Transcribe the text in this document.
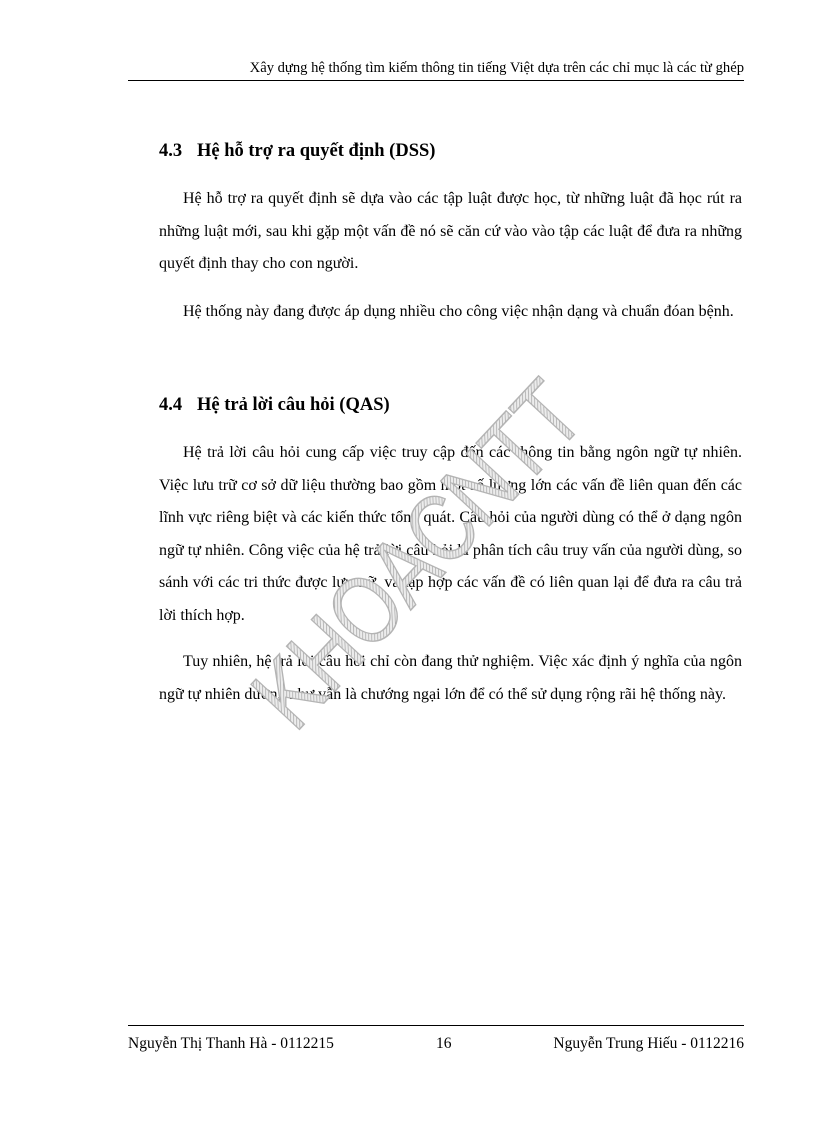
Xây dựng hệ thống tìm kiếm thông tin tiếng Việt dựa trên các chỉ mục là các từ ghép
4.3 Hệ hỗ trợ ra quyết định (DSS)

Hệ hỗ trợ ra quyết định sẽ dựa vào các tập luật được học, từ những luật đã học rút ra những luật mới, sau khi gặp một vấn đề nó sẽ căn cứ vào vào tập các luật để đưa ra những quyết định thay cho con người.

Hệ thống này đang được áp dụng nhiều cho công việc nhận dạng và chuẩn đóan bệnh.

4.4 Hệ trả lời câu hỏi (QAS)

Hệ trả lời câu hỏi cung cấp việc truy cập đến các thông tin bằng ngôn ngữ tự nhiên. Việc lưu trữ cơ sở dữ liệu thường bao gồm một số lượng lớn các vấn đề liên quan đến các lĩnh vực riêng biệt và các kiến thức tổng quát. Câu hỏi của người dùng có thể ở dạng ngôn ngữ tự nhiên. Công việc của hệ trả lời câu hỏi là phân tích câu truy vấn của người dùng, so sánh với các tri thức được lưu trữ, và tập hợp các vấn đề có liên quan lại để đưa ra câu trả lời thích hợp.

Tuy nhiên, hệ trả lời câu hỏi chỉ còn đang thử nghiệm. Việc xác định ý nghĩa của ngôn ngữ tự nhiên dường như vẫn là chướng ngại lớn để có thể sử dụng rộng rãi hệ thống này.

KHOACNTT
Nguyễn Thị Thanh Hà - 0112215	16	Nguyễn Trung Hiếu - 0112216
